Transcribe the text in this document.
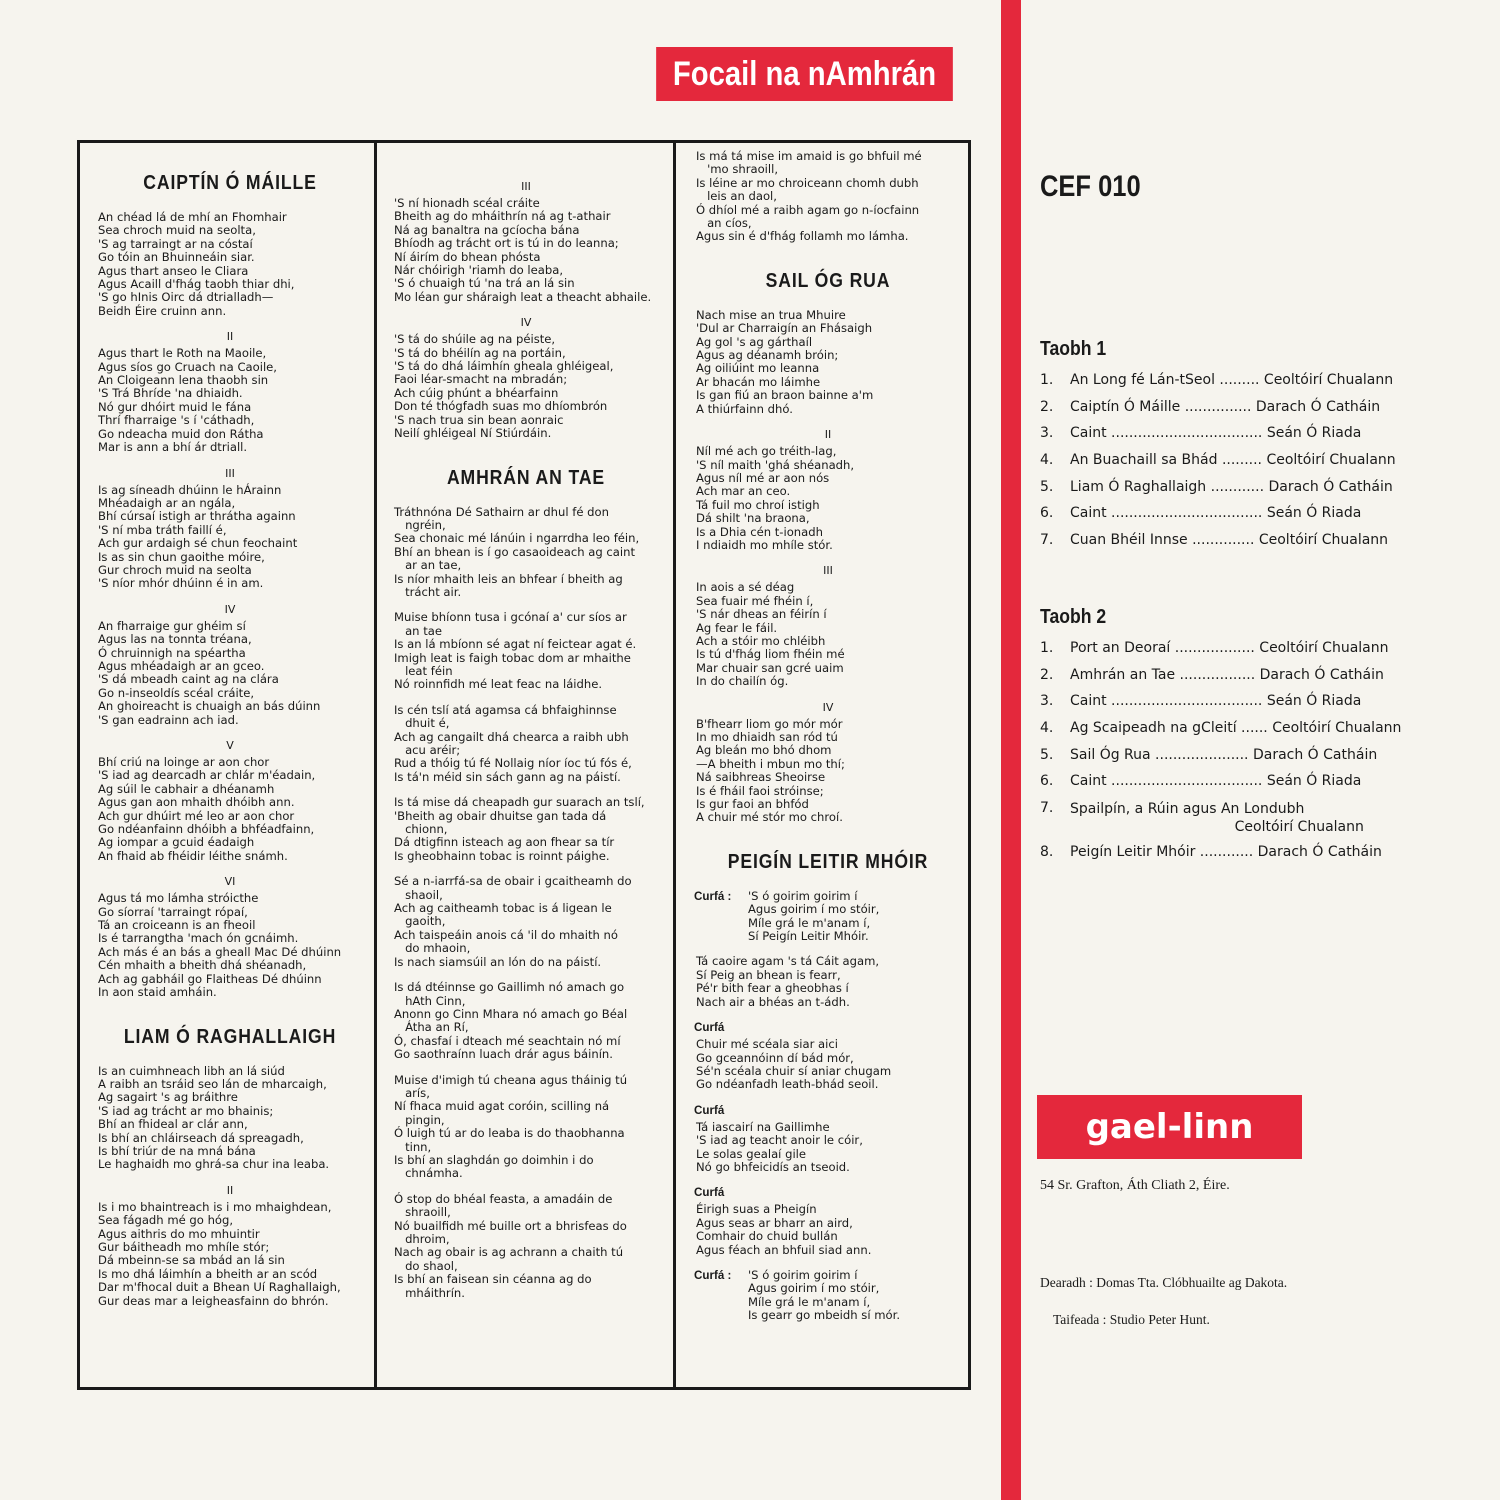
Focail na nAmhrán
CAIPTÍN Ó MÁILLE
An chéad lá de mhí an Fhomhair
Sea chroch muid na seolta,
'S ag tarraingt ar na cóstaí
Go tóin an Bhuinneáin siar.
Agus thart anseo le Cliara
Agus Acaill d'fhág taobh thiar dhi,
'S go hInis Oirc dá dtrialladh—
Beidh Éire cruinn ann.
II
Agus thart le Roth na Maoile,
Agus síos go Cruach na Caoile,
An Cloigeann lena thaobh sin
'S Trá Bhríde 'na dhiaidh.
Nó gur dhóirt muid le fána
Thrí fharraige 's í 'cáthadh,
Go ndeacha muid don Rátha
Mar is ann a bhí ár dtriall.
III
Is ag síneadh dhúinn le hÁrainn
Mhéadaigh ar an ngála,
Bhí cúrsaí istigh ar thrátha againn
'S ní mba tráth faillí é,
Ach gur ardaigh sé chun feochaint
Is as sin chun gaoithe móire,
Gur chroch muid na seolta
'S níor mhór dhúinn é in am.
IV
An fharraige gur ghéim sí
Agus las na tonnta tréana,
Ó chruinnigh na spéartha
Agus mhéadaigh ar an gceo.
'S dá mbeadh caint ag na clára
Go n-inseoldís scéal cráite,
An ghoireacht is chuaigh an bás dúinn
'S gan eadrainn ach iad.
V
Bhí criú na loinge ar aon chor
'S iad ag dearcadh ar chlár m'éadain,
Ag súil le cabhair a dhéanamh
Agus gan aon mhaith dhóibh ann.
Ach gur dhúirt mé leo ar aon chor
Go ndéanfainn dhóibh a bhféadfainn,
Ag iompar a gcuid éadaigh
An fhaid ab fhéidir léithe snámh.
VI
Agus tá mo lámha stróicthe
Go síorraí 'tarraingt rópaí,
Tá an croiceann is an fheoil
Is é tarrangtha 'mach ón gcnáimh.
Ach más é an bás a gheall Mac Dé dhúinn
Cén mhaith a bheith dhá shéanadh,
Ach ag gabháil go Flaitheas Dé dhúinn
In aon staid amháin.
LIAM Ó RAGHALLAIGH
Is an cuimhneach libh an lá siúd
A raibh an tsráid seo lán de mharcaigh,
Ag sagairt 's ag bráithre
'S iad ag trácht ar mo bhainis;
Bhí an fhideal ar clár ann,
Is bhí an chláirseach dá spreagadh,
Is bhí triúr de na mná bána
Le haghaidh mo ghrá-sa chur ina leaba.
II
Is i mo bhaintreach is i mo mhaighdean,
Sea fágadh mé go hóg,
Agus aithris do mo mhuintir
Gur báitheadh mo mhíle stór;
Dá mbeinn-se sa mbád an lá sin
Is mo dhá láimhín a bheith ar an scód
Dar m'fhocal duit a Bhean Uí Raghallaigh,
Gur deas mar a leigheasfainn do bhrón.
III
'S ní hionadh scéal cráite
Bheith ag do mháithrín ná ag t-athair
Ná ag banaltra na gcíocha bána
Bhíodh ag trácht ort is tú in do leanna;
Ní áirím do bhean phósta
Nár chóirigh 'riamh do leaba,
'S ó chuaigh tú 'na trá an lá sin
Mo léan gur sháraigh leat a theacht abhaile.
IV
'S tá do shúile ag na péiste,
'S tá do bhéilín ag na portáin,
'S tá do dhá láimhín gheala ghléigeal,
Faoi léar-smacht na mbradán;
Ach cúig phúnt a bhéarfainn
Don té thógfadh suas mo dhíombrón
'S nach trua sin bean aonraic
Neilí ghléigeal Ní Stiúrdáin.
AMHRÁN AN TAE
Tráthnóna Dé Sathairn ar dhul fé don
ngréin,
Sea chonaic mé lánúin i ngarrdha leo féin,
Bhí an bhean is í go casaoideach ag caint
ar an tae,
Is níor mhaith leis an bhfear í bheith ag
trácht air.
Muise bhíonn tusa i gcónaí a' cur síos ar
an tae
Is an lá mbíonn sé agat ní feictear agat é.
Imigh leat is faigh tobac dom ar mhaithe
leat féin
Nó roinnfidh mé leat feac na láidhe.
Is cén tslí atá agamsa cá bhfaighinnse
dhuit é,
Ach ag cangailt dhá chearca a raibh ubh
acu aréir;
Rud a thóig tú fé Nollaig níor íoc tú fós é,
Is tá'n méid sin sách gann ag na páistí.
Is tá mise dá cheapadh gur suarach an tslí,
'Bheith ag obair dhuitse gan tada dá
chionn,
Dá dtigfinn isteach ag aon fhear sa tír
Is gheobhainn tobac is roinnt páighe.
Sé a n-iarrfá-sa de obair i gcaitheamh do
shaoil,
Ach ag caitheamh tobac is á ligean le
gaoith,
Ach taispeáin anois cá 'il do mhaith nó
do mhaoin,
Is nach siamsúil an lón do na páistí.
Is dá dtéinnse go Gaillimh nó amach go
hAth Cinn,
Anonn go Cinn Mhara nó amach go Béal
Átha an Rí,
Ó, chasfaí i dteach mé seachtain nó mí
Go saothraínn luach drár agus báinín.
Muise d'imigh tú cheana agus tháinig tú
arís,
Ní fhaca muid agat coróin, scilling ná
pingin,
Ó luigh tú ar do leaba is do thaobhanna
tinn,
Is bhí an slaghdán go doimhin i do
chnámha.
Ó stop do bhéal feasta, a amadáin de
shraoill,
Nó buailfidh mé buille ort a bhrisfeas do
dhroim,
Nach ag obair is ag achrann a chaith tú
do shaol,
Is bhí an faisean sin céanna ag do
mháithrín.
Is má tá mise im amaid is go bhfuil mé
'mo shraoill,
Is léine ar mo chroiceann chomh dubh
leis an daol,
Ó dhíol mé a raibh agam go n-íocfainn
an cíos,
Agus sin é d'fhág follamh mo lámha.
SAIL ÓG RUA
Nach mise an trua Mhuire
'Dul ar Charraigín an Fhásaigh
Ag gol 's ag gárthaíl
Agus ag déanamh bróin;
Ag oiliúint mo leanna
Ar bhacán mo láimhe
Is gan fiú an braon bainne a'm
A thiúrfainn dhó.
II
Níl mé ach go tréith-lag,
'S níl maith 'ghá shéanadh,
Agus níl mé ar aon nós
Ach mar an ceo.
Tá fuil mo chroí istigh
Dá shilt 'na braona,
Is a Dhia cén t-ionadh
I ndiaidh mo mhíle stór.
III
In aois a sé déag
Sea fuair mé fhéin í,
'S nár dheas an féirín í
Ag fear le fáil.
Ach a stóir mo chléibh
Is tú d'fhág liom fhéin mé
Mar chuair san gcré uaim
In do chailín óg.
IV
B'fhearr liom go mór mór
In mo dhiaidh san ród tú
Ag bleán mo bhó dhom
—A bheith i mbun mo thí;
Ná saibhreas Sheoirse
Is é fháil faoi stróinse;
Is gur faoi an bhfód
A chuir mé stór mo chroí.
PEIGÍN LEITIR MHÓIR
Curfá :	'S ó goirim goirim í
Agus goirim í mo stóir,
Míle grá le m'anam í,
Sí Peigín Leitir Mhóir.
Tá caoire agam 's tá Cáit agam,
Sí Peig an bhean is fearr,
Pé'r bith fear a gheobhas í
Nach air a bhéas an t-ádh.
Curfá
Chuir mé scéala siar aici
Go gceannóinn dí bád mór,
Sé'n scéala chuir sí aniar chugam
Go ndéanfadh leath-bhád seoil.
Curfá
Tá iascairí na Gaillimhe
'S iad ag teacht anoir le cóir,
Le solas gealaí gile
Nó go bhfeicidís an tseoid.
Curfá
Éirigh suas a Pheigín
Agus seas ar bharr an aird,
Comhair do chuid bullán
Agus féach an bhfuil siad ann.
Curfá :	'S ó goirim goirim í
Agus goirim í mo stóir,
Míle grá le m'anam í,
Is gearr go mbeidh sí mór.
CEF 010
Taobh 1
1.	An Long fé Lán-tSeol ......... Ceoltóirí Chualann
2.	Caiptín Ó Máille ............... Darach Ó Catháin
3.	Caint .................................. Seán Ó Riada
4.	An Buachaill sa Bhád ......... Ceoltóirí Chualann
5.	Liam Ó Raghallaigh ............ Darach Ó Catháin
6.	Caint .................................. Seán Ó Riada
7.	Cuan Bhéil Innse .............. Ceoltóirí Chualann
Taobh 2
1.	Port an Deoraí .................. Ceoltóirí Chualann
2.	Amhrán an Tae ................. Darach Ó Catháin
3.	Caint .................................. Seán Ó Riada
4.	Ag Scaipeadh na gCleití ...... Ceoltóirí Chualann
5.	Sail Óg Rua ..................... Darach Ó Catháin
6.	Caint .................................. Seán Ó Riada
7.	Spailpín, a Rúin agus An Londubh
Ceoltóirí Chualann
8.	Peigín Leitir Mhóir ............ Darach Ó Catháin
gael-linn
54 Sr. Grafton, Áth Cliath 2, Éire.
Dearadh : Domas Tta. Clóbhuailte ag Dakota.
Taifeada : Studio Peter Hunt.
